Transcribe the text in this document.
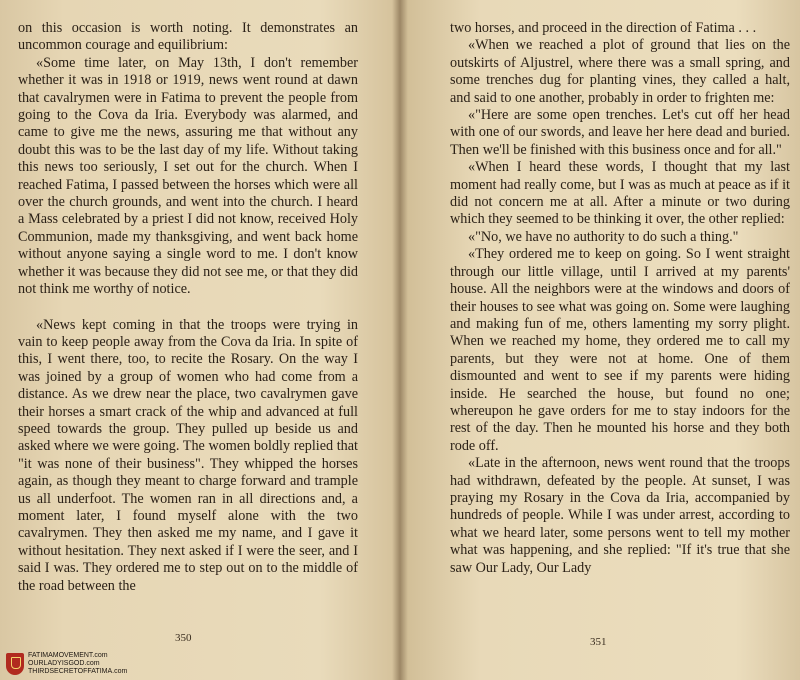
on this occasion is worth noting. It demonstrates an uncommon courage and equilibrium:

«Some time later, on May 13th, I don't remember whether it was in 1918 or 1919, news went round at dawn that cavalrymen were in Fatima to prevent the people from going to the Cova da Iria. Everybody was alarmed, and came to give me the news, assuring me that without any doubt this was to be the last day of my life. Without taking this news too seriously, I set out for the church. When I reached Fatima, I passed between the horses which were all over the church grounds, and went into the church. I heard a Mass celebrated by a priest I did not know, received Holy Communion, made my thanksgiving, and went back home without anyone saying a single word to me. I don't know whether it was because they did not see me, or that they did not think me worthy of notice.

«News kept coming in that the troops were trying in vain to keep people away from the Cova da Iria. In spite of this, I went there, too, to recite the Rosary. On the way I was joined by a group of women who had come from a distance. As we drew near the place, two cavalrymen gave their horses a smart crack of the whip and advanced at full speed towards the group. They pulled up beside us and asked where we were going. The women boldly replied that "it was none of their business". They whipped the horses again, as though they meant to charge forward and trample us all underfoot. The women ran in all directions and, a moment later, I found myself alone with the two cavalrymen. They then asked me my name, and I gave it without hesitation. They next asked if I were the seer, and I said I was. They ordered me to step out on to the middle of the road between the

350

two horses, and proceed in the direction of Fatima . . .

«When we reached a plot of ground that lies on the outskirts of Aljustrel, where there was a small spring, and some trenches dug for planting vines, they called a halt, and said to one another, probably in order to frighten me:

«"Here are some open trenches. Let's cut off her head with one of our swords, and leave her here dead and buried. Then we'll be finished with this business once and for all."

«When I heard these words, I thought that my last moment had really come, but I was as much at peace as if it did not concern me at all. After a minute or two during which they seemed to be thinking it over, the other replied:

«"No, we have no authority to do such a thing."

«They ordered me to keep on going. So I went straight through our little village, until I arrived at my parents' house. All the neighbors were at the windows and doors of their houses to see what was going on. Some were laughing and making fun of me, others lamenting my sorry plight. When we reached my home, they ordered me to call my parents, but they were not at home. One of them dismounted and went to see if my parents were hiding inside. He searched the house, but found no one; whereupon he gave orders for me to stay indoors for the rest of the day. Then he mounted his horse and they both rode off.

«Late in the afternoon, news went round that the troops had withdrawn, defeated by the people. At sunset, I was praying my Rosary in the Cova da Iria, accompanied by hundreds of people. While I was under arrest, according to what we heard later, some persons went to tell my mother what was happening, and she replied: "If it's true that she saw Our Lady, Our Lady

351
FATIMAMOVEMENT.com
OURLADYISGOD.com
THIRDSECRETOFFATIMA.com
